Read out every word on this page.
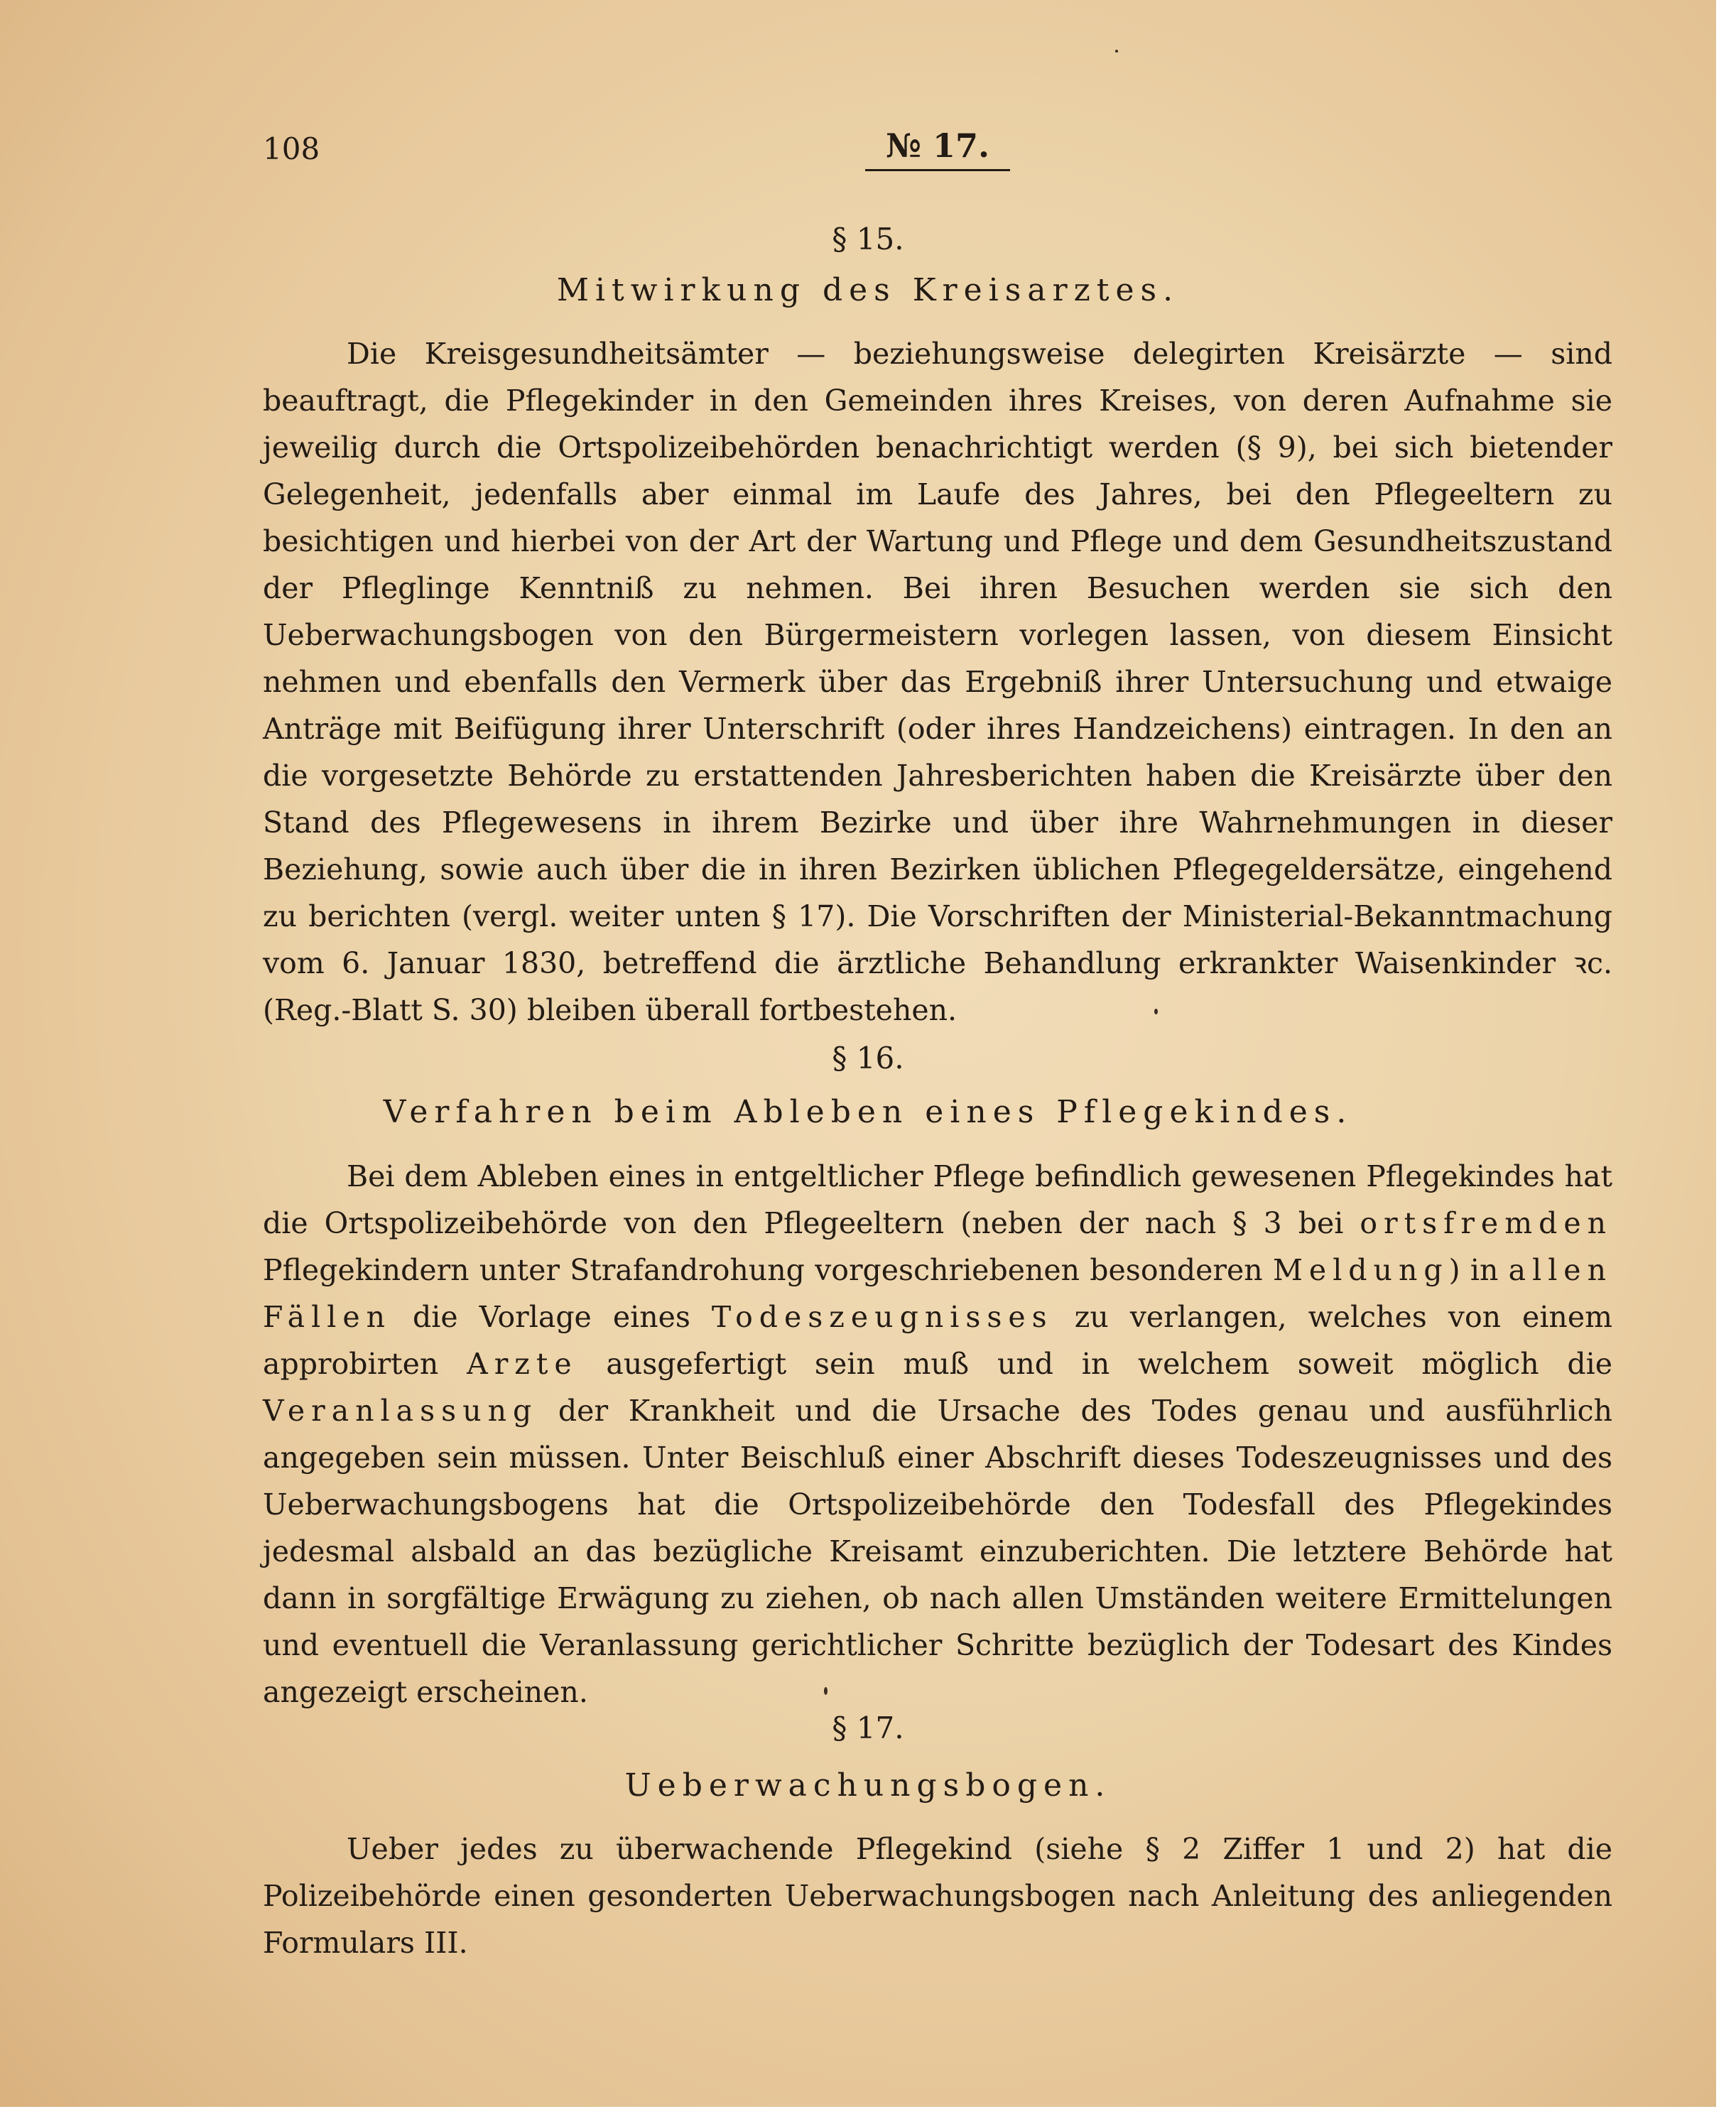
108	№ 17.
§ 15.
Mitwirkung des Kreisarztes.

Die Kreisgesundheitsämter — beziehungsweise delegirten Kreisärzte — sind beauftragt, die Pflegekinder in den Gemeinden ihres Kreises, von deren Aufnahme sie jeweilig durch die Ortspolizeibehörden benachrichtigt werden (§ 9), bei sich bietender Gelegenheit, jedenfalls aber einmal im Laufe des Jahres, bei den Pflegeeltern zu besichtigen und hierbei von der Art der Wartung und Pflege und dem Gesundheitszustand der Pfleglinge Kenntniß zu nehmen. Bei ihren Besuchen werden sie sich den Ueberwachungsbogen von den Bürgermeistern vorlegen lassen, von diesem Einsicht nehmen und ebenfalls den Vermerk über das Ergebniß ihrer Untersuchung und etwaige Anträge mit Beifügung ihrer Unterschrift (oder ihres Handzeichens) eintragen. In den an die vorgesetzte Behörde zu erstattenden Jahresberichten haben die Kreisärzte über den Stand des Pflegewesens in ihrem Bezirke und über ihre Wahrnehmungen in dieser Beziehung, sowie auch über die in ihren Bezirken üblichen Pflegegeldersätze, eingehend zu berichten (vergl. weiter unten § 17). Die Vorschriften der Ministerial-Bekanntmachung vom 6. Januar 1830, betreffend die ärztliche Behandlung erkrankter Waisenkinder ꝛc. (Reg.-Blatt S. 30) bleiben überall fortbestehen.

§ 16.
Verfahren beim Ableben eines Pflegekindes.

Bei dem Ableben eines in entgeltlicher Pflege befindlich gewesenen Pflegekindes hat die Ortspolizeibehörde von den Pflegeeltern (neben der nach § 3 bei ortsfremden Pflegekindern unter Strafandrohung vorgeschriebenen besonderen Meldung) in allen Fällen die Vorlage eines Todeszeugnisses zu verlangen, welches von einem approbirten Arzte ausgefertigt sein muß und in welchem soweit möglich die Veranlassung der Krankheit und die Ursache des Todes genau und ausführlich angegeben sein müssen. Unter Beischluß einer Abschrift dieses Todeszeugnisses und des Ueberwachungsbogens hat die Ortspolizeibehörde den Todesfall des Pflegekindes jedesmal alsbald an das bezügliche Kreisamt einzuberichten. Die letztere Behörde hat dann in sorgfältige Erwägung zu ziehen, ob nach allen Umständen weitere Ermittelungen und eventuell die Veranlassung gerichtlicher Schritte bezüglich der Todesart des Kindes angezeigt erscheinen.

§ 17.
Ueberwachungsbogen.

Ueber jedes zu überwachende Pflegekind (siehe § 2 Ziffer 1 und 2) hat die Polizeibehörde einen gesonderten Ueberwachungsbogen nach Anleitung des anliegenden Formulars III.
